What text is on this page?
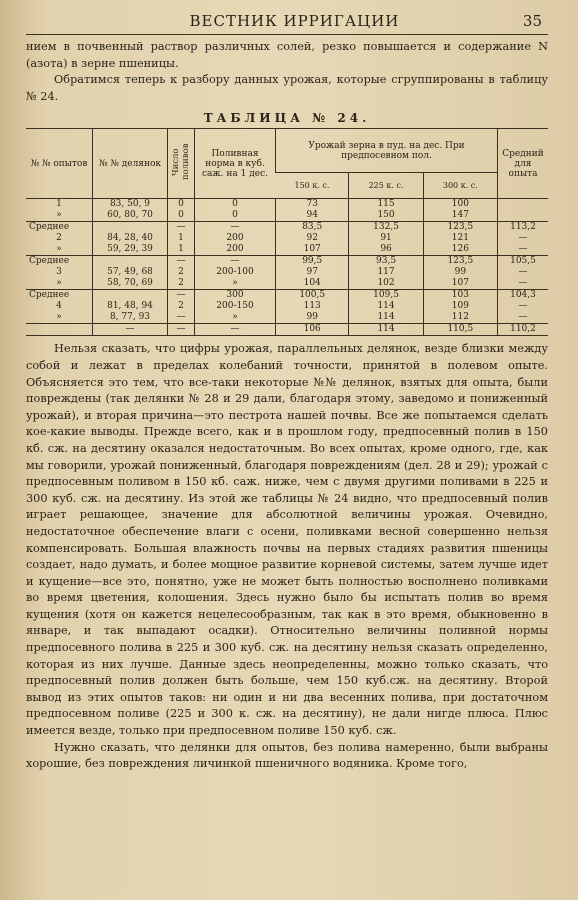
ВЕСТНИК ИРРИГАЦИИ	35

нием в почвенный раствор различных солей, резко повышается и содержание N (азота) в зерне пшеницы.

Обратимся теперь к разбору данных урожая, которые сгруппированы в таблицу № 24.

ТАБЛИЦА № 24.
№ № опытов	№ № делянок	Число поливов	Поливная норма в куб. саж. на 1 дес.	Урожай зерна в пуд. на дес. При предпосевном пол.			Средний для опыта
				150 к. с.	225 к. с.	300 к. с.	
1	83, 50, 9	0	0	73	115	100	
»	60, 80, 70	0	0	94	150	147	
Среднее		—	—	83,5	132,5	123,5	113,2
2	84, 28, 40	1	200	92	91	121	—
»	59, 29, 39	1	200	107	96	126	—
Среднее		—	—	99,5	93,5	123,5	105,5
3	57, 49, 68	2	200-100	97	117	99	—
»	58, 70, 69	2	»	104	102	107	—
Среднее		—	300	100,5	109,5	103	104,3
4	81, 48, 94	2	200-150	113	114	109	—
»	8, 77, 93	—	»	99	114	112	—
	—	—	—	106	114	110,5	110,2

Нельзя сказать, что цифры урожая, параллельных делянок, везде близки между собой и лежат в пределах колебаний точности, принятой в полевом опыте. Объясняется это тем, что все-таки некоторые №№ делянок, взятых для опыта, были повреждены (так делянки № 28 и 29 дали, благодаря этому, заведомо и пониженный урожай), и вторая причина—это пестрота нашей почвы. Все же попытаемся сделать кое-какие выводы. Прежде всего, как и в прошлом году, предпосевный полив в 150 кб. сж. на десятину оказался недостаточным. Во всех опытах, кроме одного, где, как мы говорили, урожай пониженный, благодаря повреждениям (дел. 28 и 29); урожай с предпосевным поливом в 150 кб. саж. ниже, чем с двумя другими поливами в 225 и 300 куб. сж. на десятину. Из этой же таблицы № 24 видно, что предпосевный полив играет решающее, значение для абсолютной величины урожая. Очевидно, недостаточное обеспечение влаги с осени, поливками весной совершенно нельзя компенсировать. Большая влажность почвы на первых стадиях развития пшеницы создает, надо думать, и более мощное развитие корневой системы, затем лучше идет и кущение—все это, понятно, уже не может быть полностью восполнено поливками во время цветения, колошения. Здесь нужно было бы испытать полив во время кущения (хотя он кажется нецелесообразным, так как в это время, обыкновенно в январе, и так выпадают осадки). Относительно величины поливной нормы предпосевного полива в 225 и 300 куб. сж. на десятину нельзя сказать определенно, которая из них лучше. Данные здесь неопределенны, можно только сказать, что предпосевный полив должен быть больше, чем 150 куб.сж. на десятину. Второй вывод из этих опытов таков: ни один и ни два весенних полива, при достаточном предпосевном поливе (225 и 300 к. сж. на десятину), не дали нигде плюса. Плюс имеется везде, только при предпосевном поливе 150 куб. сж.

Нужно сказать, что делянки для опытов, без полива намеренно, были выбраны хорошие, без повреждения личинкой пшеничного водяника. Кроме того,
